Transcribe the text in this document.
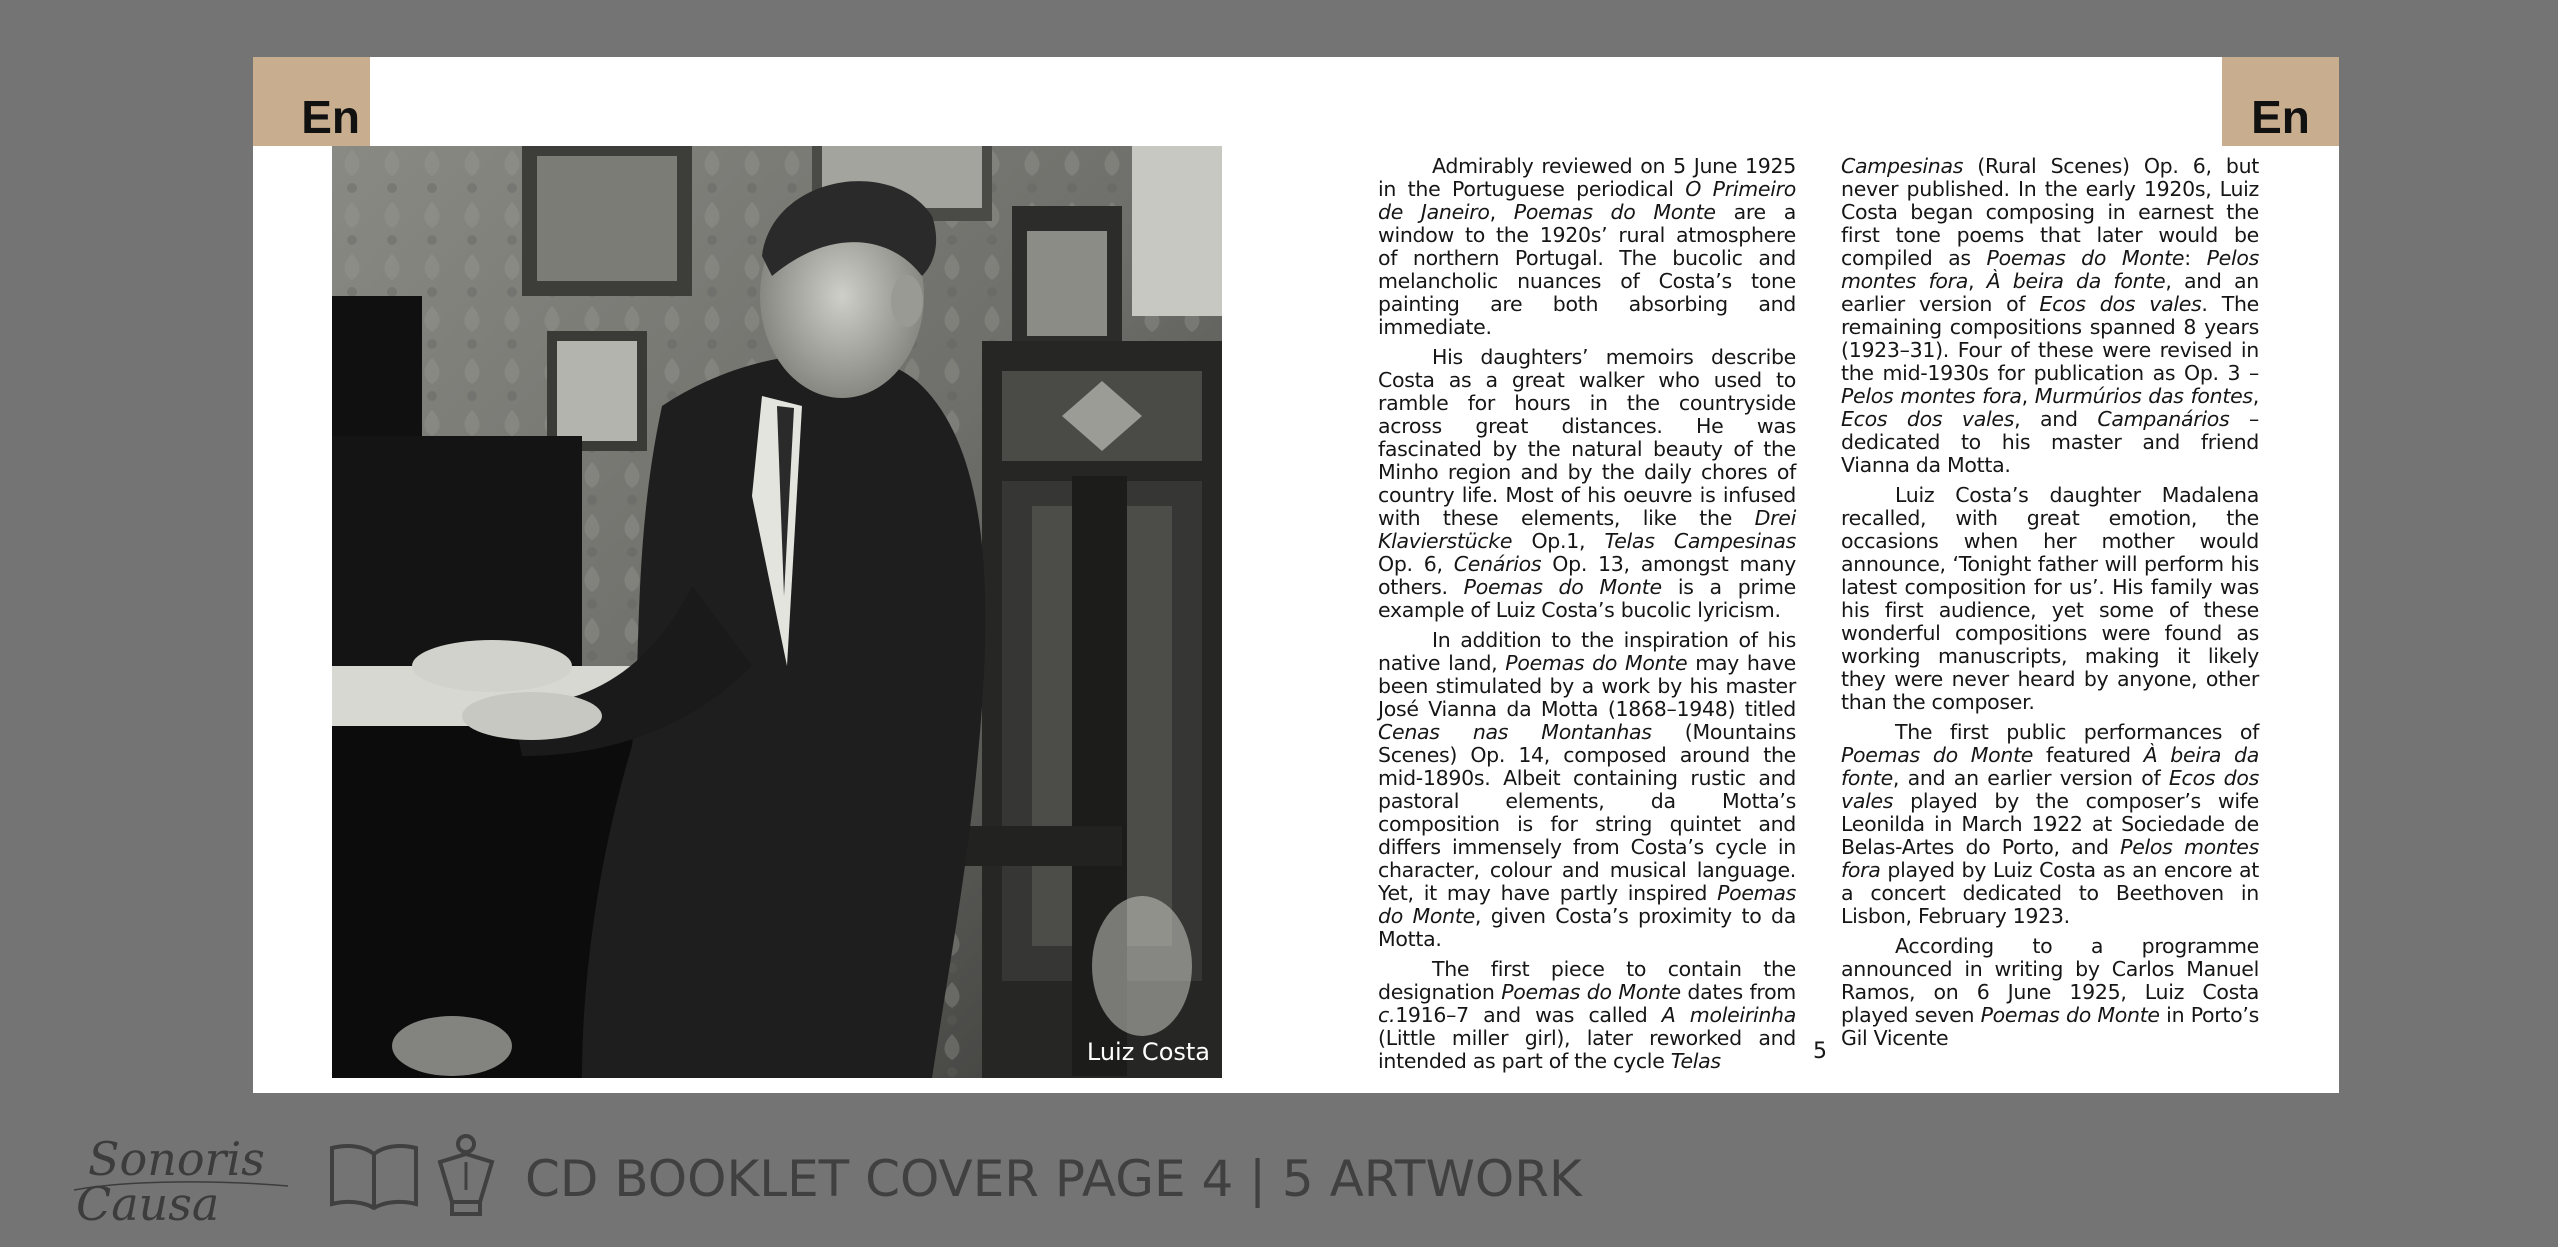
En	En
Luiz Costa

Admirably reviewed on 5 June 1925 in the Portuguese periodical O Primeiro de Janeiro, Poemas do Monte are a window to the 1920s’ rural atmosphere of northern Portugal. The bucolic and melancholic nuances of Costa’s tone painting are both absorbing and immediate.

His daughters’ memoirs describe Costa as a great walker who used to ramble for hours in the countryside across great distances. He was fascinated by the natural beauty of the Minho region and by the daily chores of country life. Most of his oeuvre is infused with these elements, like the Drei Klavierstücke Op.1, Telas Campesinas Op. 6, Cenários Op. 13, amongst many others. Poemas do Monte is a prime example of Luiz Costa’s bucolic lyricism.

In addition to the inspiration of his native land, Poemas do Monte may have been stimulated by a work by his master José Vianna da Motta (1868–1948) titled Cenas nas Montanhas (Mountains Scenes) Op. 14, composed around the mid-1890s. Albeit containing rustic and pastoral elements, da Motta’s composition is for string quintet and differs immensely from Costa’s cycle in character, colour and musical language. Yet, it may have partly inspired Poemas do Monte, given Costa’s proximity to da Motta.

The first piece to contain the designation Poemas do Monte dates from c.1916–7 and was called A moleirinha (Little miller girl), later reworked and intended as part of the cycle Telas

Campesinas (Rural Scenes) Op. 6, but never published. In the early 1920s, Luiz Costa began composing in earnest the first tone poems that later would be compiled as Poemas do Monte: Pelos montes fora, À beira da fonte, and an earlier version of Ecos dos vales. The remaining compositions spanned 8 years (1923–31). Four of these were revised in the mid-1930s for publication as Op. 3 – Pelos montes fora, Murmúrios das fontes, Ecos dos vales, and Campanários – dedicated to his master and friend Vianna da Motta.

Luiz Costa’s daughter Madalena recalled, with great emotion, the occasions when her mother would announce, ‘Tonight father will perform his latest composition for us’. His family was his first audience, yet some of these wonderful compositions were found as working manuscripts, making it likely they were never heard by anyone, other than the composer.

The first public performances of Poemas do Monte featured À beira da fonte, and an earlier version of Ecos dos vales played by the composer’s wife Leonilda in March 1922 at Sociedade de Belas-Artes do Porto, and Pelos montes fora played by Luiz Costa as an encore at a concert dedicated to Beethoven in Lisbon, February 1923.

According to a programme announced in writing by Carlos Manuel Ramos, on 6 June 1925, Luiz Costa played seven Poemas do Monte in Porto’s Gil Vicente

5
Sonoris
Causa	CD BOOKLET COVER PAGE 4 | 5 ARTWORK
